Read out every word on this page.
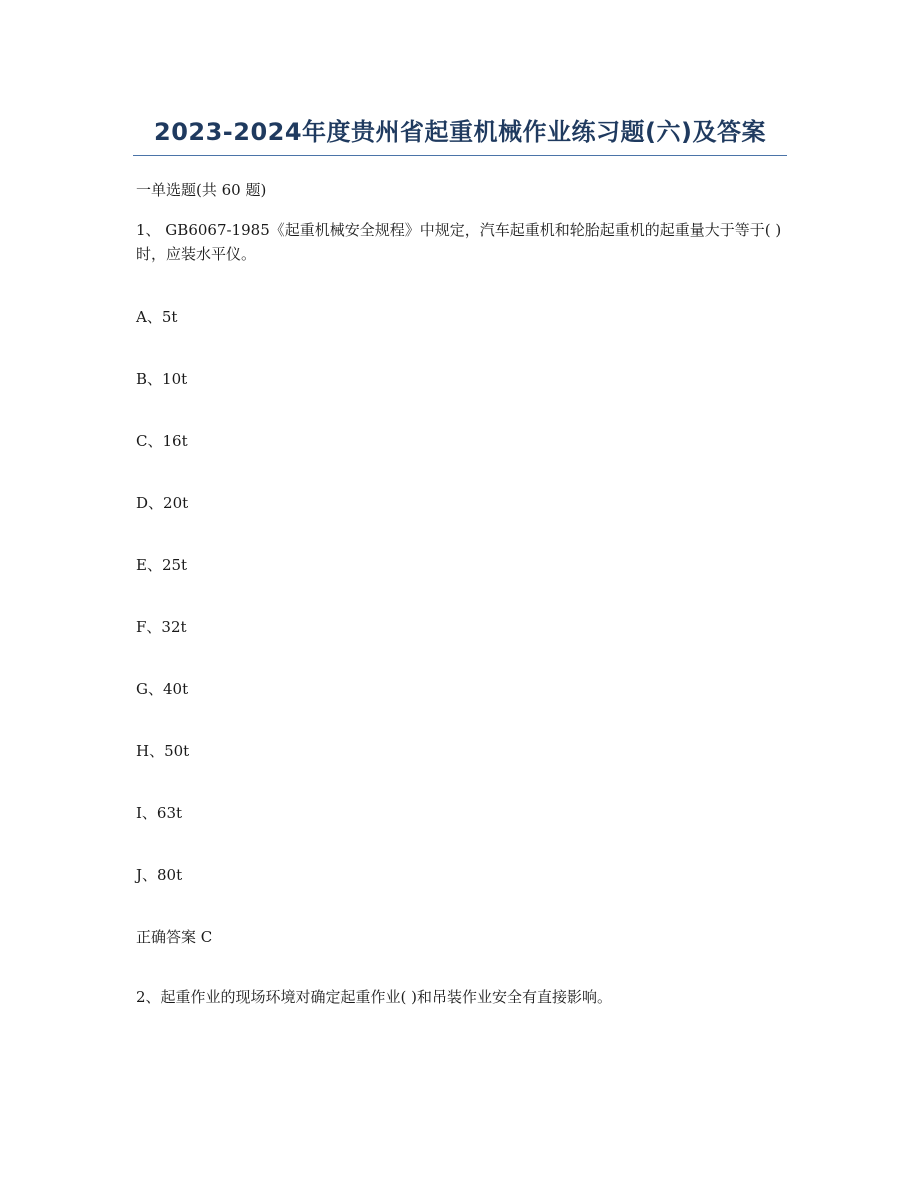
2023-2024年度贵州省起重机械作业练习题(六)及答案
一单选题(共 60 题)
1、 GB6067-1985《起重机械安全规程》中规定，汽车起重机和轮胎起重机的起重量大于等于( )时，应装水平仪。
A、5t
B、10t
C、16t
D、20t
E、25t
F、32t
G、40t
H、50t
I、63t
J、80t
正确答案 C
2、起重作业的现场环境对确定起重作业( )和吊装作业安全有直接影响。
